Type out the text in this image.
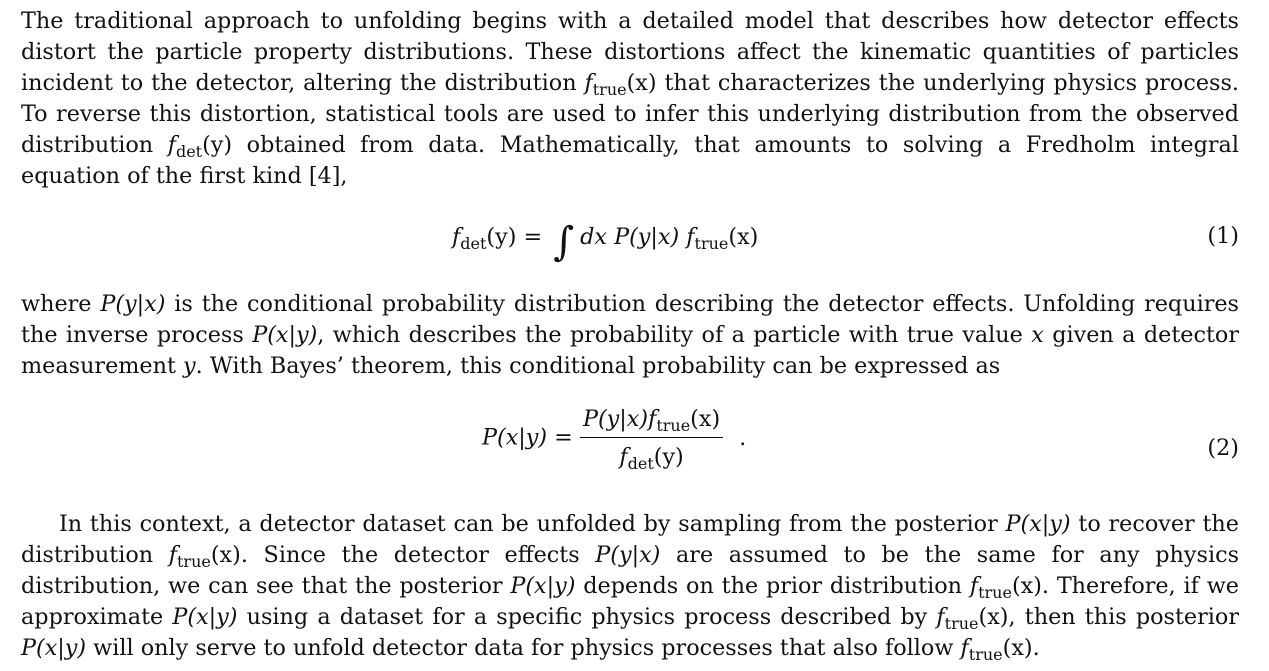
The traditional approach to unfolding begins with a detailed model that describes how detector effects distort the particle property distributions. These distortions affect the kinematic quantities of particles incident to the detector, altering the distribution $f_{true}(x)$ that characterizes the underlying physics process. To reverse this distortion, statistical tools are used to infer this underlying distribution from the observed distribution $f_{det}(y)$ obtained from data. Mathematically, that amounts to solving a Fredholm integral equation of the first kind [4],

$f_{det}(y)$ = ∫ dx P(y|x) $f_{true}(x)$	(1)

where P(y|x) is the conditional probability distribution describing the detector effects. Unfolding requires the inverse process P(x|y), which describes the probability of a particle with true value x given a detector measurement y. With Bayes’ theorem, this conditional probability can be expressed as

$P(x|y) = \frac{P(y|x)f_{true}(x)}{f_{det}(y)}$ .	(2)

In this context, a detector dataset can be unfolded by sampling from the posterior P(x|y) to recover the distribution $f_{true}(x)$. Since the detector effects P(y|x) are assumed to be the same for any physics distribution, we can see that the posterior P(x|y) depends on the prior distribution $f_{true}(x)$. Therefore, if we approximate P(x|y) using a dataset for a specific physics process described by $f_{true}(x)$, then this posterior P(x|y) will only serve to unfold detector data for physics processes that also follow $f_{true}(x)$.
